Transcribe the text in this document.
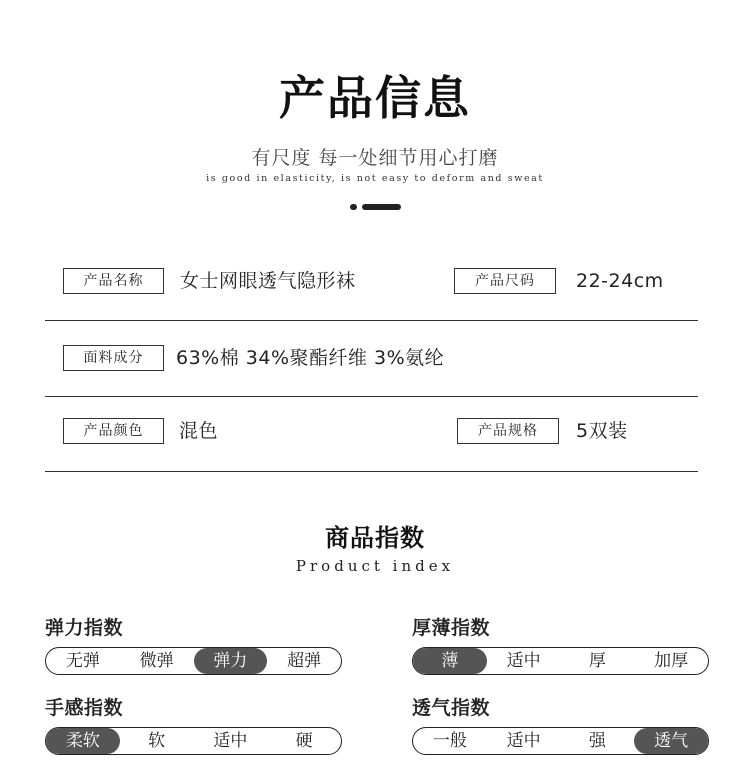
产品信息
有尺度 每一处细节用心打磨
is good in elasticity, is not easy to deform and sweat
产品名称	女士网眼透气隐形袜	产品尺码	22-24cm
面料成分	63%棉 34%聚酯纤维 3%氨纶
产品颜色	混色	产品规格	5双装
商品指数
Product index
弹力指数
无弹	微弹	弹力	超弹
厚薄指数
薄	适中	厚	加厚
手感指数
柔软	软	适中	硬
透气指数
一般	适中	强	透气
